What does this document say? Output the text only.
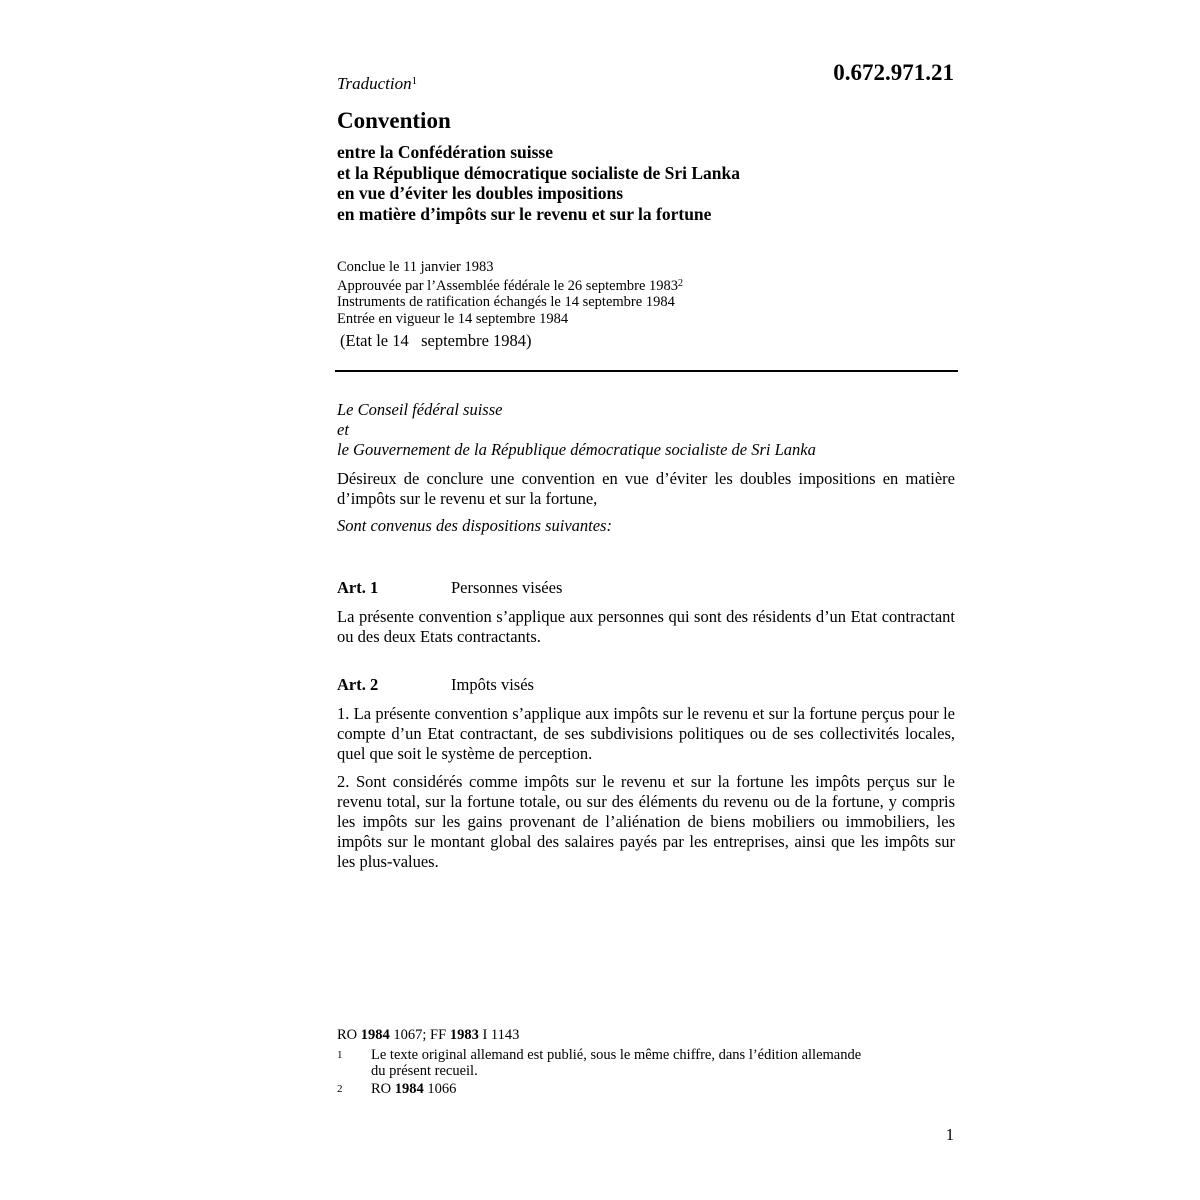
Traduction$^1$	0.672.971.21
Convention
entre la Confédération suisse
et la République démocratique socialiste de Sri Lanka
en vue d’éviter les doubles impositions
en matière d’impôts sur le revenu et sur la fortune
Conclue le 11 janvier 1983
Approuvée par l’Assemblée fédérale le 26 septembre 1983$^2$
Instruments de ratification échangés le 14 septembre 1984
Entrée en vigueur le 14 septembre 1984
(Etat le 14   septembre 1984)
Le Conseil fédéral suisse
et
le Gouvernement de la République démocratique socialiste de Sri Lanka
Désireux de conclure une convention en vue d’éviter les doubles impositions en matière d’impôts sur le revenu et sur la fortune,
Sont convenus des dispositions suivantes:
Art. 1	Personnes visées
La présente convention s’applique aux personnes qui sont des résidents d’un Etat contractant ou des deux Etats contractants.
Art. 2	Impôts visés
1. La présente convention s’applique aux impôts sur le revenu et sur la fortune perçus pour le compte d’un Etat contractant, de ses subdivisions politiques ou de ses collectivités locales, quel que soit le système de perception.
2. Sont considérés comme impôts sur le revenu et sur la fortune les impôts perçus sur le revenu total, sur la fortune totale, ou sur des éléments du revenu ou de la fortune, y compris les impôts sur les gains provenant de l’aliénation de biens mobiliers ou immobiliers, les impôts sur le montant global des salaires payés par les entreprises, ainsi que les impôts sur les plus-values.
RO 1984 1067; FF 1983 I 1143
1 Le texte original allemand est publié, sous le même chiffre, dans l’édition allemande
du présent recueil.
2 RO 1984 1066
1
